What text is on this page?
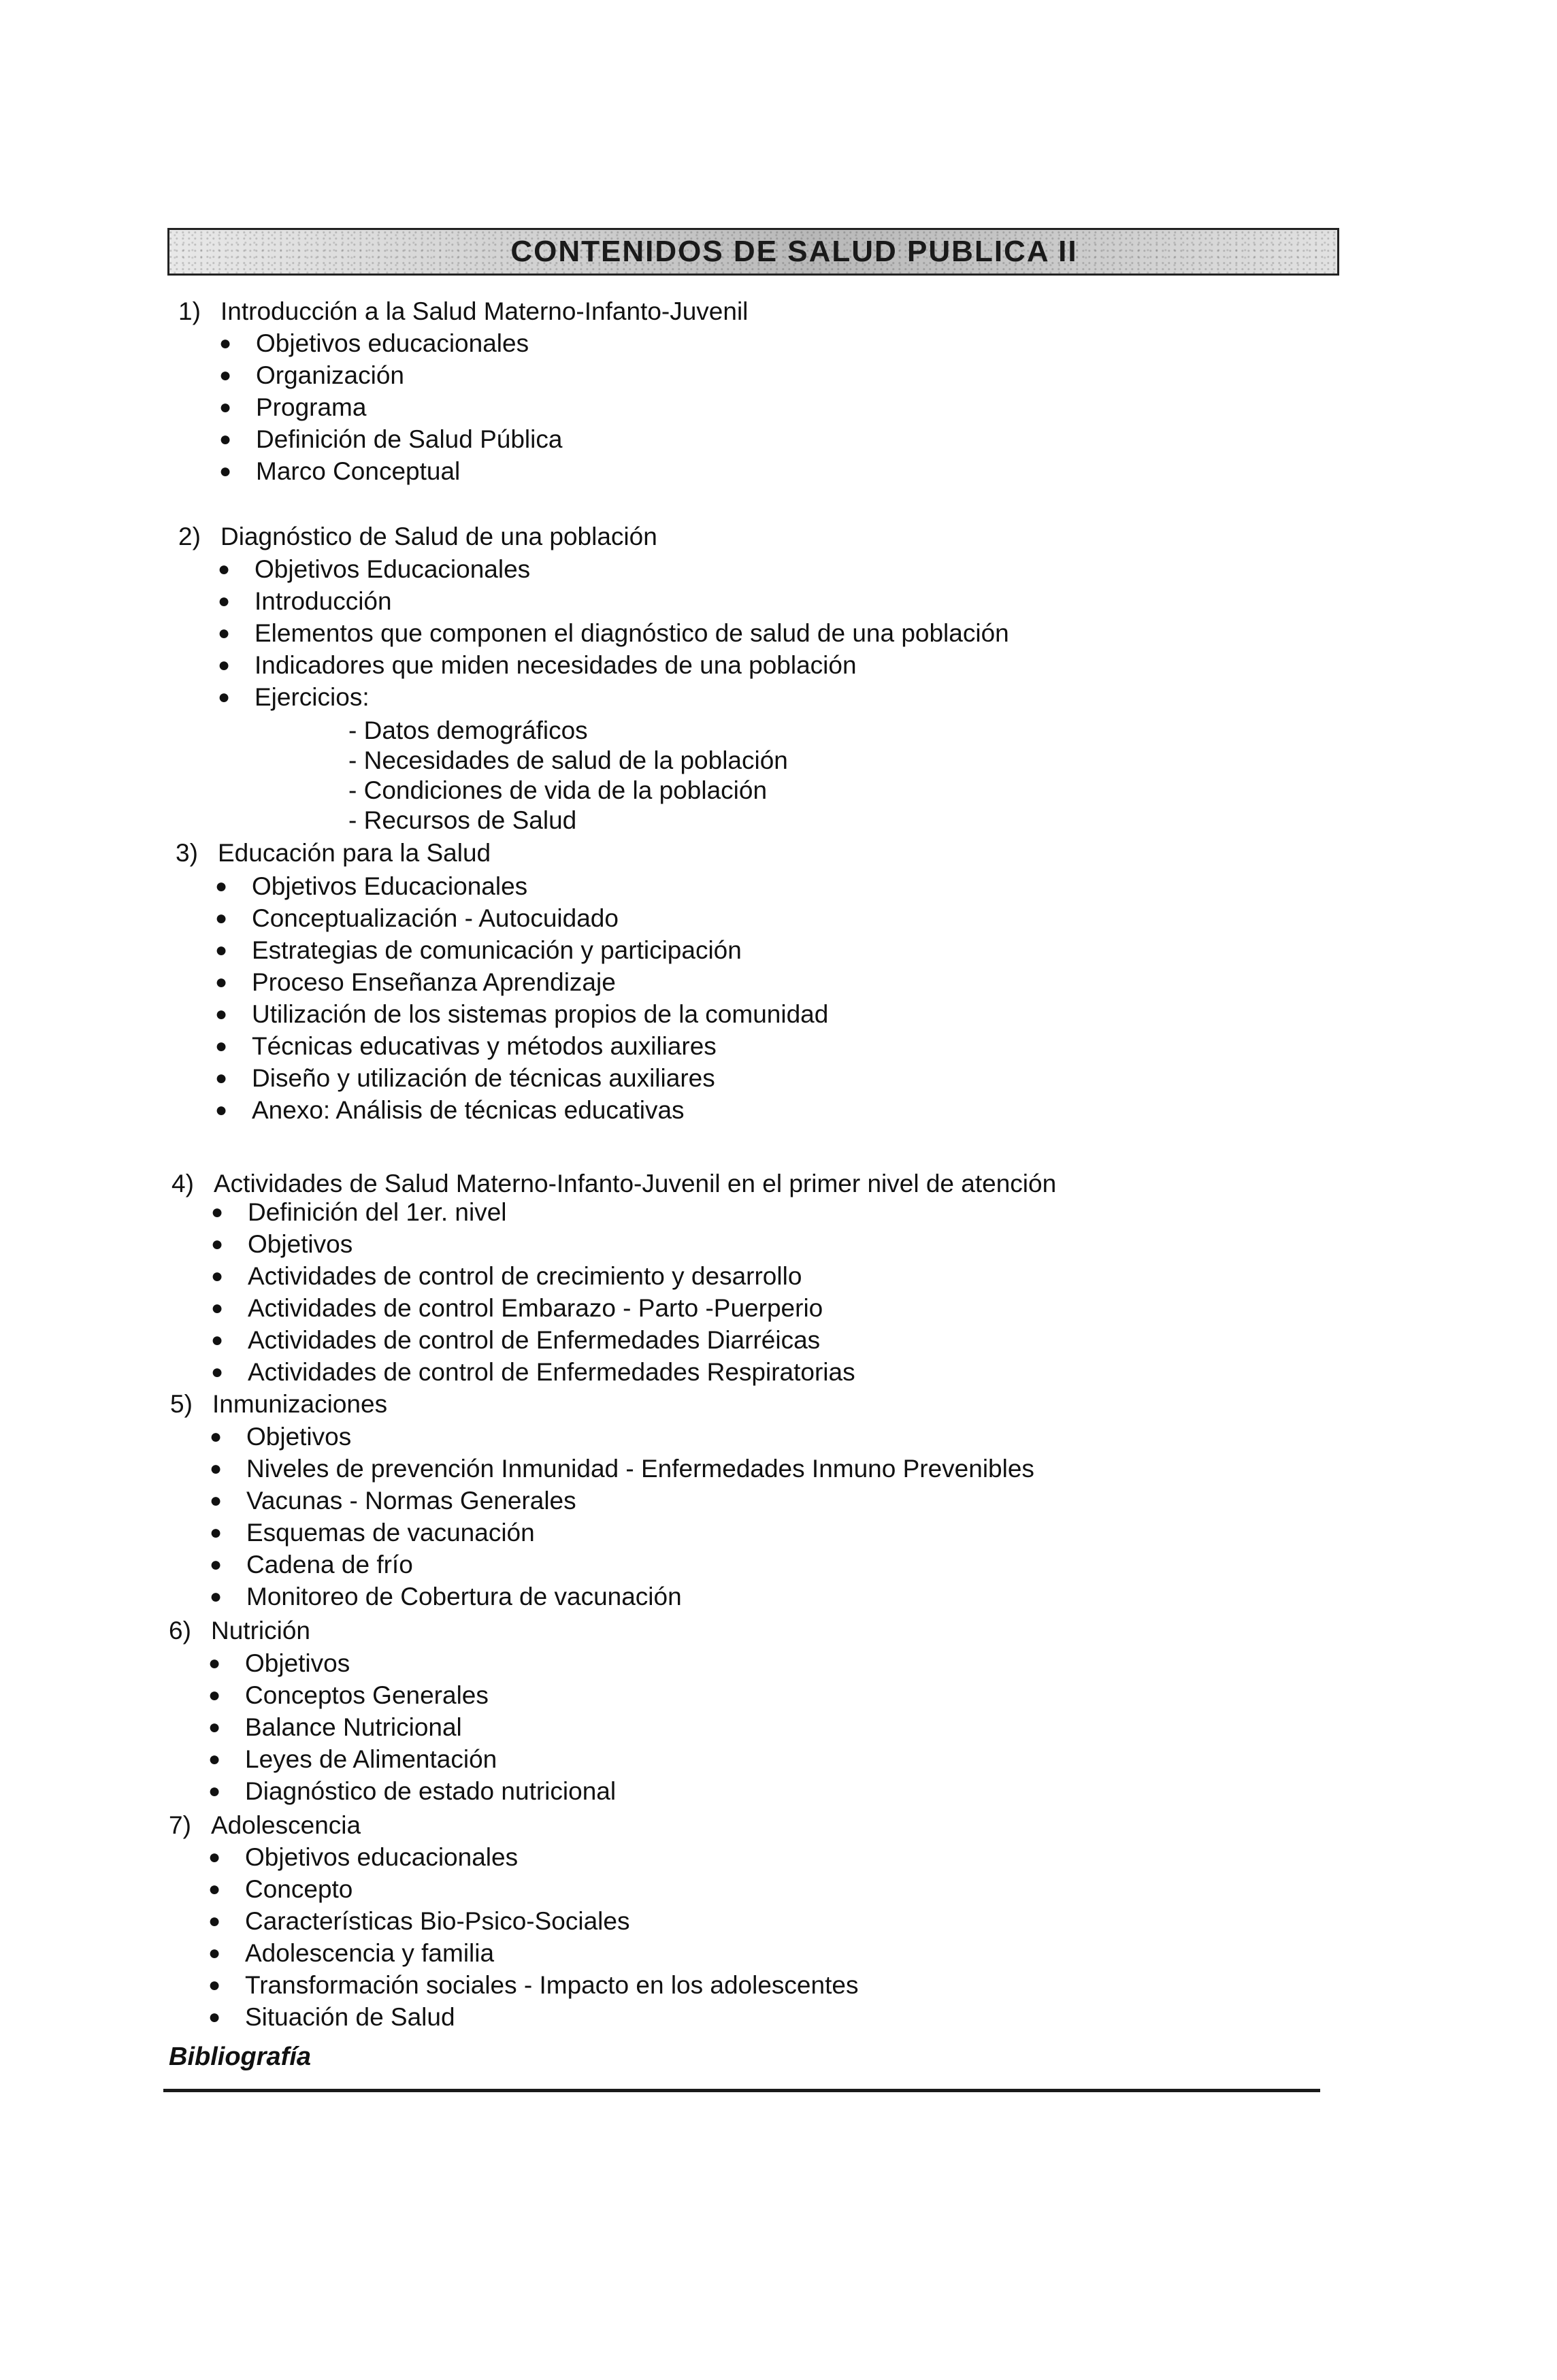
CONTENIDOS DE SALUD PUBLICA II
1) Introducción a la Salud Materno-Infanto-Juvenil
● Objetivos educacionales
● Organización
● Programa
● Definición de Salud Pública
● Marco Conceptual
2) Diagnóstico de Salud de una población
● Objetivos Educacionales
● Introducción
● Elementos que componen el diagnóstico de salud de una población
● Indicadores que miden necesidades de una población
● Ejercicios:
- Datos demográficos
- Necesidades de salud de la población
- Condiciones de vida de la población
- Recursos de Salud
3) Educación para la Salud
● Objetivos Educacionales
● Conceptualización - Autocuidado
● Estrategias de comunicación y participación
● Proceso Enseñanza Aprendizaje
● Utilización de los sistemas propios de la comunidad
● Técnicas educativas y métodos auxiliares
● Diseño y utilización de técnicas auxiliares
● Anexo: Análisis de técnicas educativas
4) Actividades de Salud Materno-Infanto-Juvenil en el primer nivel de atención
● Definición del 1er. nivel
● Objetivos
● Actividades de control de crecimiento y desarrollo
● Actividades de control Embarazo - Parto -Puerperio
● Actividades de control de Enfermedades Diarréicas
● Actividades de control de Enfermedades Respiratorias
5) Inmunizaciones
● Objetivos
● Niveles de prevención Inmunidad - Enfermedades Inmuno Prevenibles
● Vacunas - Normas Generales
● Esquemas de vacunación
● Cadena de frío
● Monitoreo de Cobertura de vacunación
6) Nutrición
● Objetivos
● Conceptos Generales
● Balance Nutricional
● Leyes de Alimentación
● Diagnóstico de estado nutricional
7) Adolescencia
● Objetivos educacionales
● Concepto
● Características Bio-Psico-Sociales
● Adolescencia y familia
● Transformación sociales - Impacto en los adolescentes
● Situación de Salud
Bibliografía
